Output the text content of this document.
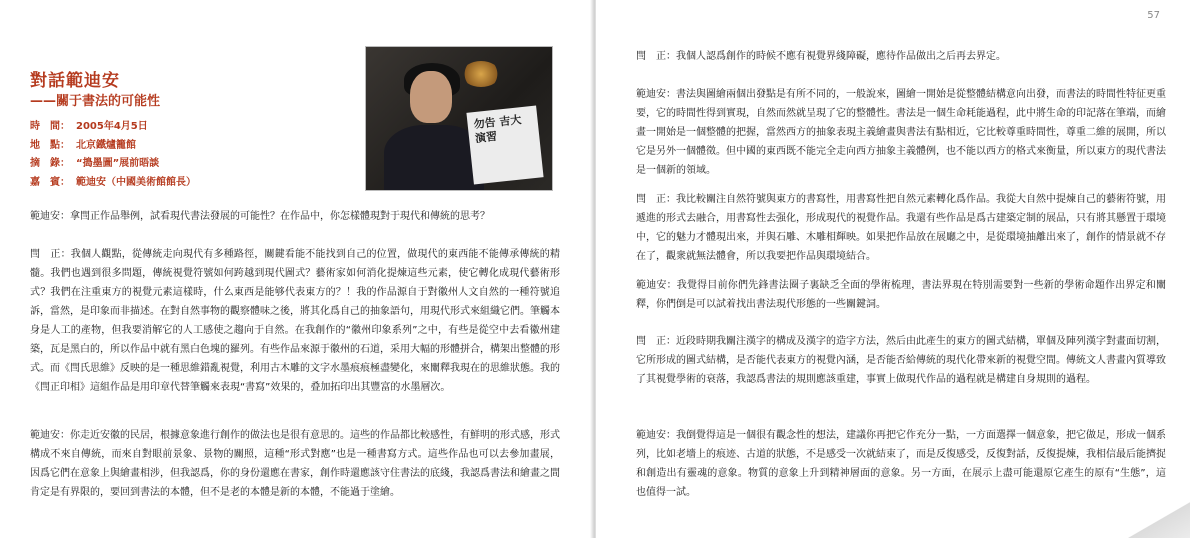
對話範迪安
——關于書法的可能性
時　間： 2005年4月5日
地　點： 北京鐵爐籠館
摘　錄： “搗墨圖”展前晤談
嘉　賓： 範迪安（中國美術館館長）
勿告 吉大 演習

範迪安：拿閆正作品舉例，試看現代書法發展的可能性？在作品中，你怎樣體現對于現代和傳統的思考？

閆　正：我個人觀點，從傳統走向現代有多種路徑，關鍵看能不能找到自己的位置，做現代的東西能不能傳承傳統的精髓。我們也遇到很多問題，傳統視覺符號如何跨越到現代圖式？藝術家如何消化提煉這些元素，使它轉化成現代藝術形式？我們在注重東方的視覺元素這樣時，什么東西是能够代表東方的？！我的作品源自于對徽州人文自然的一種符號追訴，當然，是印象而非描述。在對自然事物的觀察體味之後，將其化爲自己的抽象語句，用現代形式來組織它們。筆觸本身是人工的產物，但我要消解它的人工感使之趨向于自然。在我創作的“徽州印象系列”之中，有些是從空中去看徽州建築，瓦是黑白的，所以作品中就有黑白色塊的羅列。有些作品來源于徽州的石道，采用大幅的形體拼合，構架出整體的形式。而《閆氏思維》反映的是一種思維錯亂視覺，利用古木雕的文字水墨痕痕極盡變化，來闡釋我現在的思維狀態。我的《閆正印相》這組作品是用印章代替筆觸來表現“書寫”效果的，叠加拓印出其豐富的水墨層次。

範迪安：你走近安徽的民居，根據意象進行創作的做法也是很有意思的。這些的作品都比較感性，有鮮明的形式感，形式構成不來自傳統，而來自對眼前景象、景物的關照，這種“形式對應”也是一種書寫方式。這些作品也可以去參加畫展，因爲它們在意象上與繪畫相涉，但我認爲，你的身份還應在書家，創作時還應該守住書法的底綫，我認爲書法和繪畫之間肯定是有界限的，要回到書法的本體，但不是老的本體是新的本體，不能過于塗繪。

57

閆　正：我個人認爲創作的時候不應有視覺界綫障礙，應待作品做出之后再去界定。

範迪安：書法與圖繪兩個出發點是有所不同的，一般說來，圖繪一開始是從整體結構意向出發，而書法的時間性特征更重要，它的時間性得到實現，自然而然就呈現了它的整體性。書法是一個生命耗能過程，此中將生命的印記落在筆端，而繪畫一開始是一個整體的把握，當然西方的抽象表現主義繪畫與書法有點相近，它比較尊重時間性，尊重二維的展開，所以它是另外一個體徵。但中國的東西既不能完全走向西方抽象主義體例，也不能以西方的格式來衡量，所以東方的現代書法是一個新的領域。

閆　正：我比較關注自然符號與東方的書寫性，用書寫性把自然元素轉化爲作品。我從大自然中提煉自己的藝術符號，用遞進的形式去融合，用書寫性去强化，形成現代的視覺作品。我還有些作品是爲古建築定制的展品，只有將其懸置于環境中，它的魅力才體現出來，并與石雕、木雕相輝映。如果把作品放在展廳之中，是從環境抽離出來了，創作的情景就不存在了，觀衆就無法體會，所以我要把作品與環境結合。

範迪安：我覺得目前你們先鋒書法圈子裏缺乏全面的學術梳理，書法界現在特別需要對一些新的學術命題作出界定和闡釋，你們倒是可以試着找出書法現代形態的一些關鍵詞。

閆　正：近段時期我關注漢字的構成及漢字的造字方法，然后由此產生的東方的圖式結構，單個及陣列漢字對畫面切割，它所形成的圖式結構，是否能代表東方的視覺內涵，是否能否給傳統的現代化帶來新的視覺空間。傳統文人書畫內質導致了其視覺學術的衰落，我認爲書法的規則應該重建，事實上做現代作品的過程就是構建自身規則的過程。

範迪安：我倒覺得這是一個很有觀念性的想法，建議你再把它作充分一點，一方面選擇一個意象，把它做足，形成一個系列，比如老墻上的痕迹、古道的狀態，不是感受一次就結束了，而是反復感受，反復對話，反復提煉，我相信最后能擠捉和創造出有靈魂的意象。物質的意象上升到精神層面的意象。另一方面，在展示上盡可能還原它產生的原有“生態”，這也值得一試。
